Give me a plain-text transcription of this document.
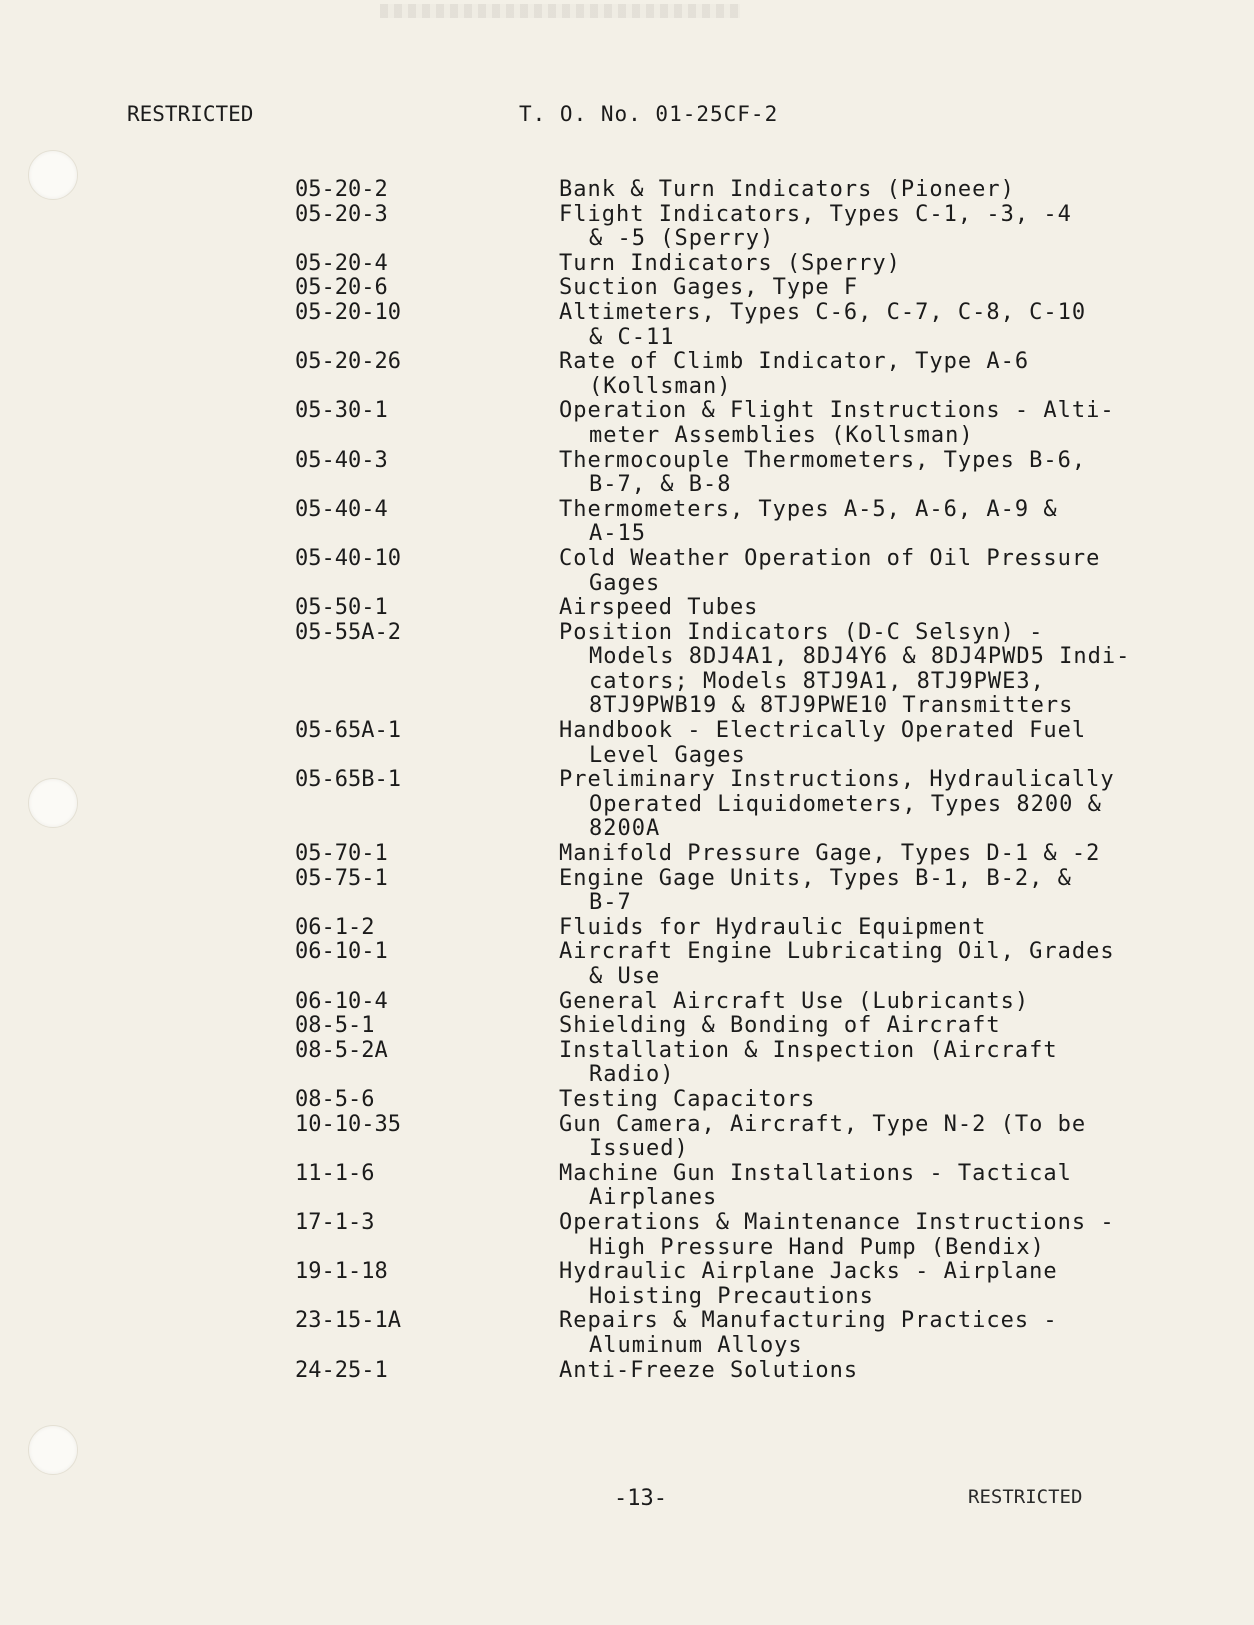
RESTRICTED	T. O. No. 01-25CF-2
05-20-2	Bank & Turn Indicators (Pioneer)
05-20-3	Flight Indicators, Types C-1, -3, -4
& -5 (Sperry)
05-20-4	Turn Indicators (Sperry)
05-20-6	Suction Gages, Type F
05-20-10	Altimeters, Types C-6, C-7, C-8, C-10
& C-11
05-20-26	Rate of Climb Indicator, Type A-6
(Kollsman)
05-30-1	Operation & Flight Instructions - Alti-
meter Assemblies (Kollsman)
05-40-3	Thermocouple Thermometers, Types B-6,
B-7, & B-8
05-40-4	Thermometers, Types A-5, A-6, A-9 &
A-15
05-40-10	Cold Weather Operation of Oil Pressure
Gages
05-50-1	Airspeed Tubes
05-55A-2	Position Indicators (D-C Selsyn) -
Models 8DJ4A1, 8DJ4Y6 & 8DJ4PWD5 Indi-
cators; Models 8TJ9A1, 8TJ9PWE3,
8TJ9PWB19 & 8TJ9PWE10 Transmitters
05-65A-1	Handbook - Electrically Operated Fuel
Level Gages
05-65B-1	Preliminary Instructions, Hydraulically
Operated Liquidometers, Types 8200 &
8200A
05-70-1	Manifold Pressure Gage, Types D-1 & -2
05-75-1	Engine Gage Units, Types B-1, B-2, &
B-7
06-1-2	Fluids for Hydraulic Equipment
06-10-1	Aircraft Engine Lubricating Oil, Grades
& Use
06-10-4	General Aircraft Use (Lubricants)
08-5-1	Shielding & Bonding of Aircraft
08-5-2A	Installation & Inspection (Aircraft
Radio)
08-5-6	Testing Capacitors
10-10-35	Gun Camera, Aircraft, Type N-2 (To be
Issued)
11-1-6	Machine Gun Installations - Tactical
Airplanes
17-1-3	Operations & Maintenance Instructions -
High Pressure Hand Pump (Bendix)
19-1-18	Hydraulic Airplane Jacks - Airplane
Hoisting Precautions
23-15-1A	Repairs & Manufacturing Practices -
Aluminum Alloys
24-25-1	Anti-Freeze Solutions
-13-	RESTRICTED
